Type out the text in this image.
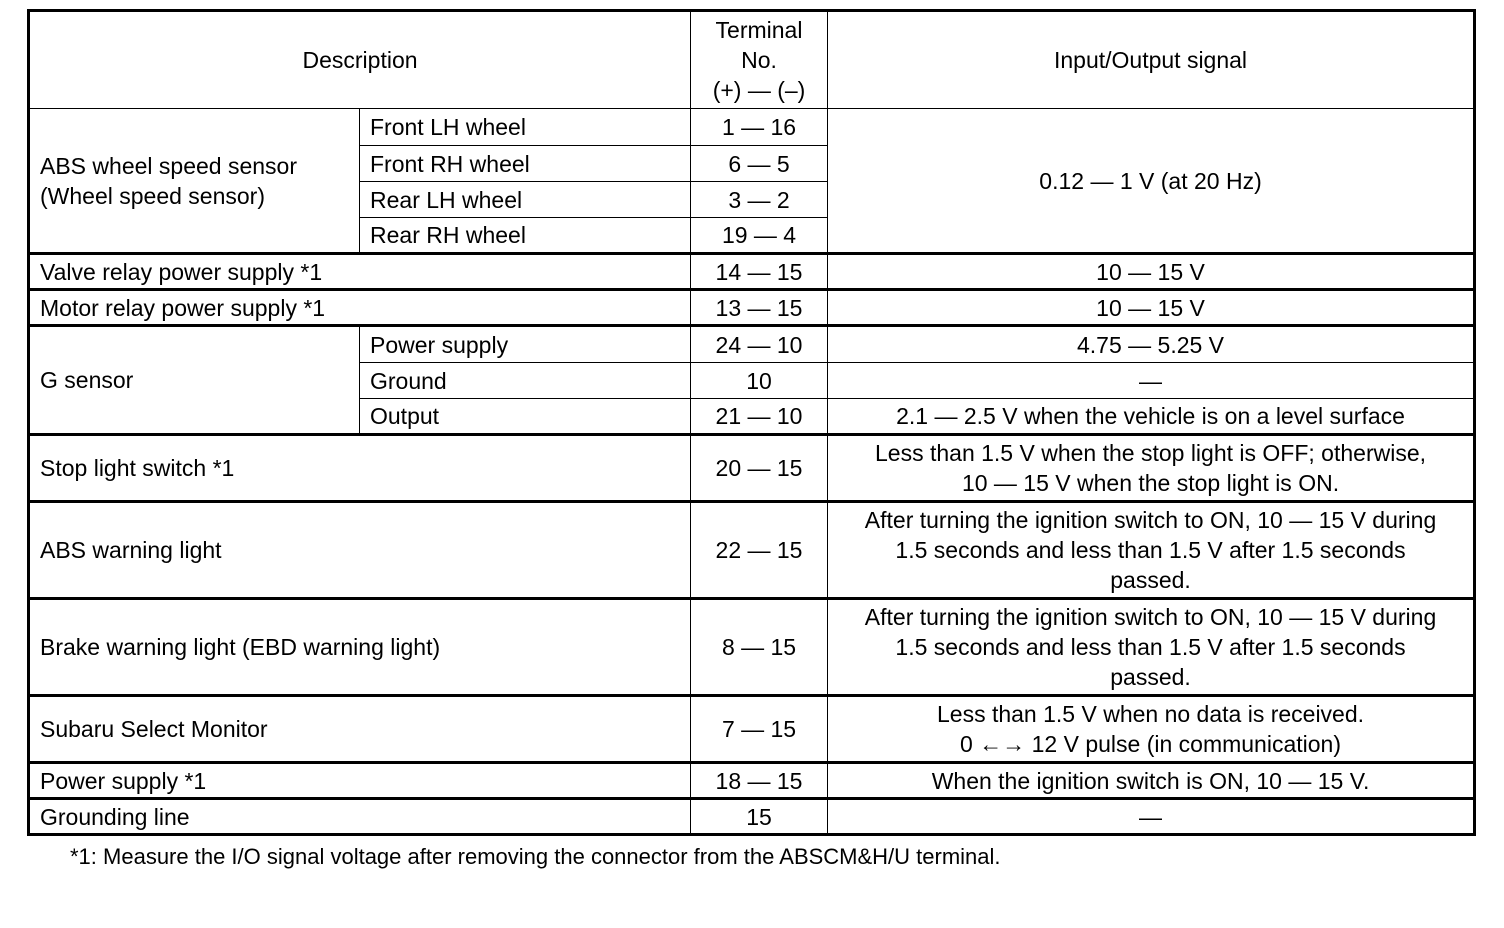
Description		Terminal
No.
(+) — (–)	Input/Output signal

ABS wheel speed sensor
(Wheel speed sensor)	Front LH wheel	1 — 16	0.12 — 1 V (at 20 Hz)
	Front RH wheel	6 — 5	
	Rear LH wheel	3 — 2	
	Rear RH wheel	19 — 4	
Valve relay power supply *1		14 — 15	10 — 15 V
Motor relay power supply *1		13 — 15	10 — 15 V
G sensor	Power supply	24 — 10	4.75 — 5.25 V
	Ground	10	—
	Output	21 — 10	2.1 — 2.5 V when the vehicle is on a level surface
Stop light switch *1		20 — 15	Less than 1.5 V when the stop light is OFF; otherwise,
10 — 15 V when the stop light is ON.

ABS warning light		22 — 15	After turning the ignition switch to ON, 10 — 15 V during
1.5 seconds and less than 1.5 V after 1.5 seconds
passed.

Brake warning light (EBD warning light)		8 — 15	After turning the ignition switch to ON, 10 — 15 V during
1.5 seconds and less than 1.5 V after 1.5 seconds
passed.

Subaru Select Monitor		7 — 15	Less than 1.5 V when no data is received.
0 ←→ 12 V pulse (in communication)

Power supply *1		18 — 15	When the ignition switch is ON, 10 — 15 V.
Grounding line		15	—
*1: Measure the I/O signal voltage after removing the connector from the ABSCM&H/U terminal.
